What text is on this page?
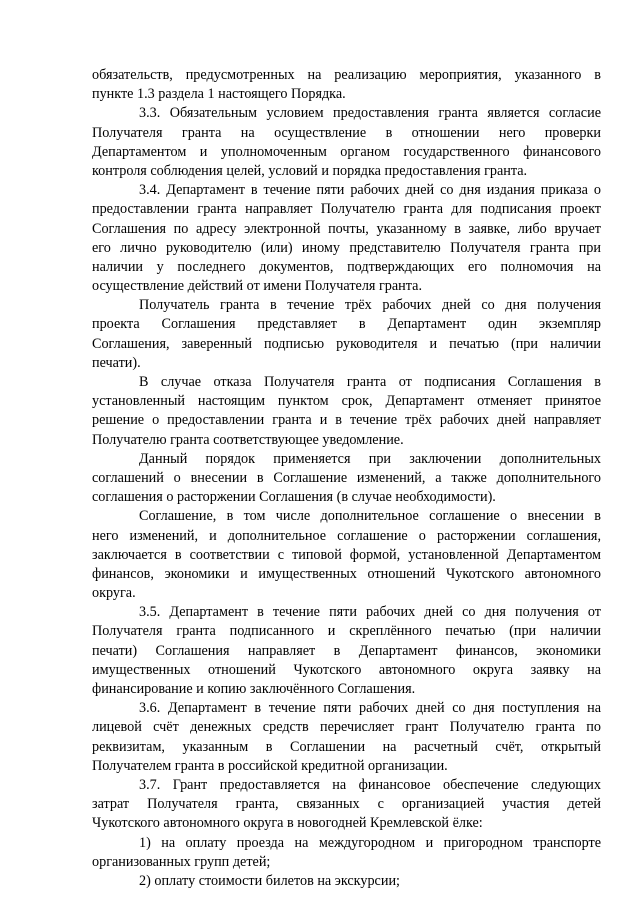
обязательств, предусмотренных на реализацию мероприятия, указанного в
пункте 1.3 раздела 1 настоящего Порядка.
3.3. Обязательным условием предоставления гранта является согласие
Получателя гранта на осуществление в отношении него проверки
Департаментом и уполномоченным органом государственного финансового
контроля соблюдения целей, условий и порядка предоставления гранта.
3.4. Департамент в течение пяти рабочих дней со дня издания приказа о
предоставлении гранта направляет Получателю гранта для подписания проект
Соглашения по адресу электронной почты, указанному в заявке, либо вручает
его лично руководителю (или) иному представителю Получателя гранта при
наличии у последнего документов, подтверждающих его полномочия на
осуществление действий от имени Получателя гранта.
Получатель гранта в течение трёх рабочих дней со дня получения
проекта Соглашения представляет в Департамент один экземпляр
Соглашения, заверенный подписью руководителя и печатью (при наличии
печати).
В случае отказа Получателя гранта от подписания Соглашения в
установленный настоящим пунктом срок, Департамент отменяет принятое
решение о предоставлении гранта и в течение трёх рабочих дней направляет
Получателю гранта соответствующее уведомление.
Данный порядок применяется при заключении дополнительных
соглашений о внесении в Соглашение изменений, а также дополнительного
соглашения о расторжении Соглашения (в случае необходимости).
Соглашение, в том числе дополнительное соглашение о внесении в
него изменений, и дополнительное соглашение о расторжении соглашения,
заключается в соответствии с типовой формой, установленной Департаментом
финансов, экономики и имущественных отношений Чукотского автономного
округа.
3.5. Департамент в течение пяти рабочих дней со дня получения от
Получателя гранта подписанного и скреплённого печатью (при наличии
печати) Соглашения направляет в Департамент финансов, экономики
имущественных отношений Чукотского автономного округа заявку на
финансирование и копию заключённого Соглашения.
3.6. Департамент в течение пяти рабочих дней со дня поступления на
лицевой счёт денежных средств перечисляет грант Получателю гранта по
реквизитам, указанным в Соглашении на расчетный счёт, открытый
Получателем гранта в российской кредитной организации.
3.7. Грант предоставляется на финансовое обеспечение следующих
затрат Получателя гранта, связанных с организацией участия детей
Чукотского автономного округа в новогодней Кремлевской ёлке:
1) на оплату проезда на междугородном и пригородном транспорте
организованных групп детей;
2) оплату стоимости билетов на экскурсии;
